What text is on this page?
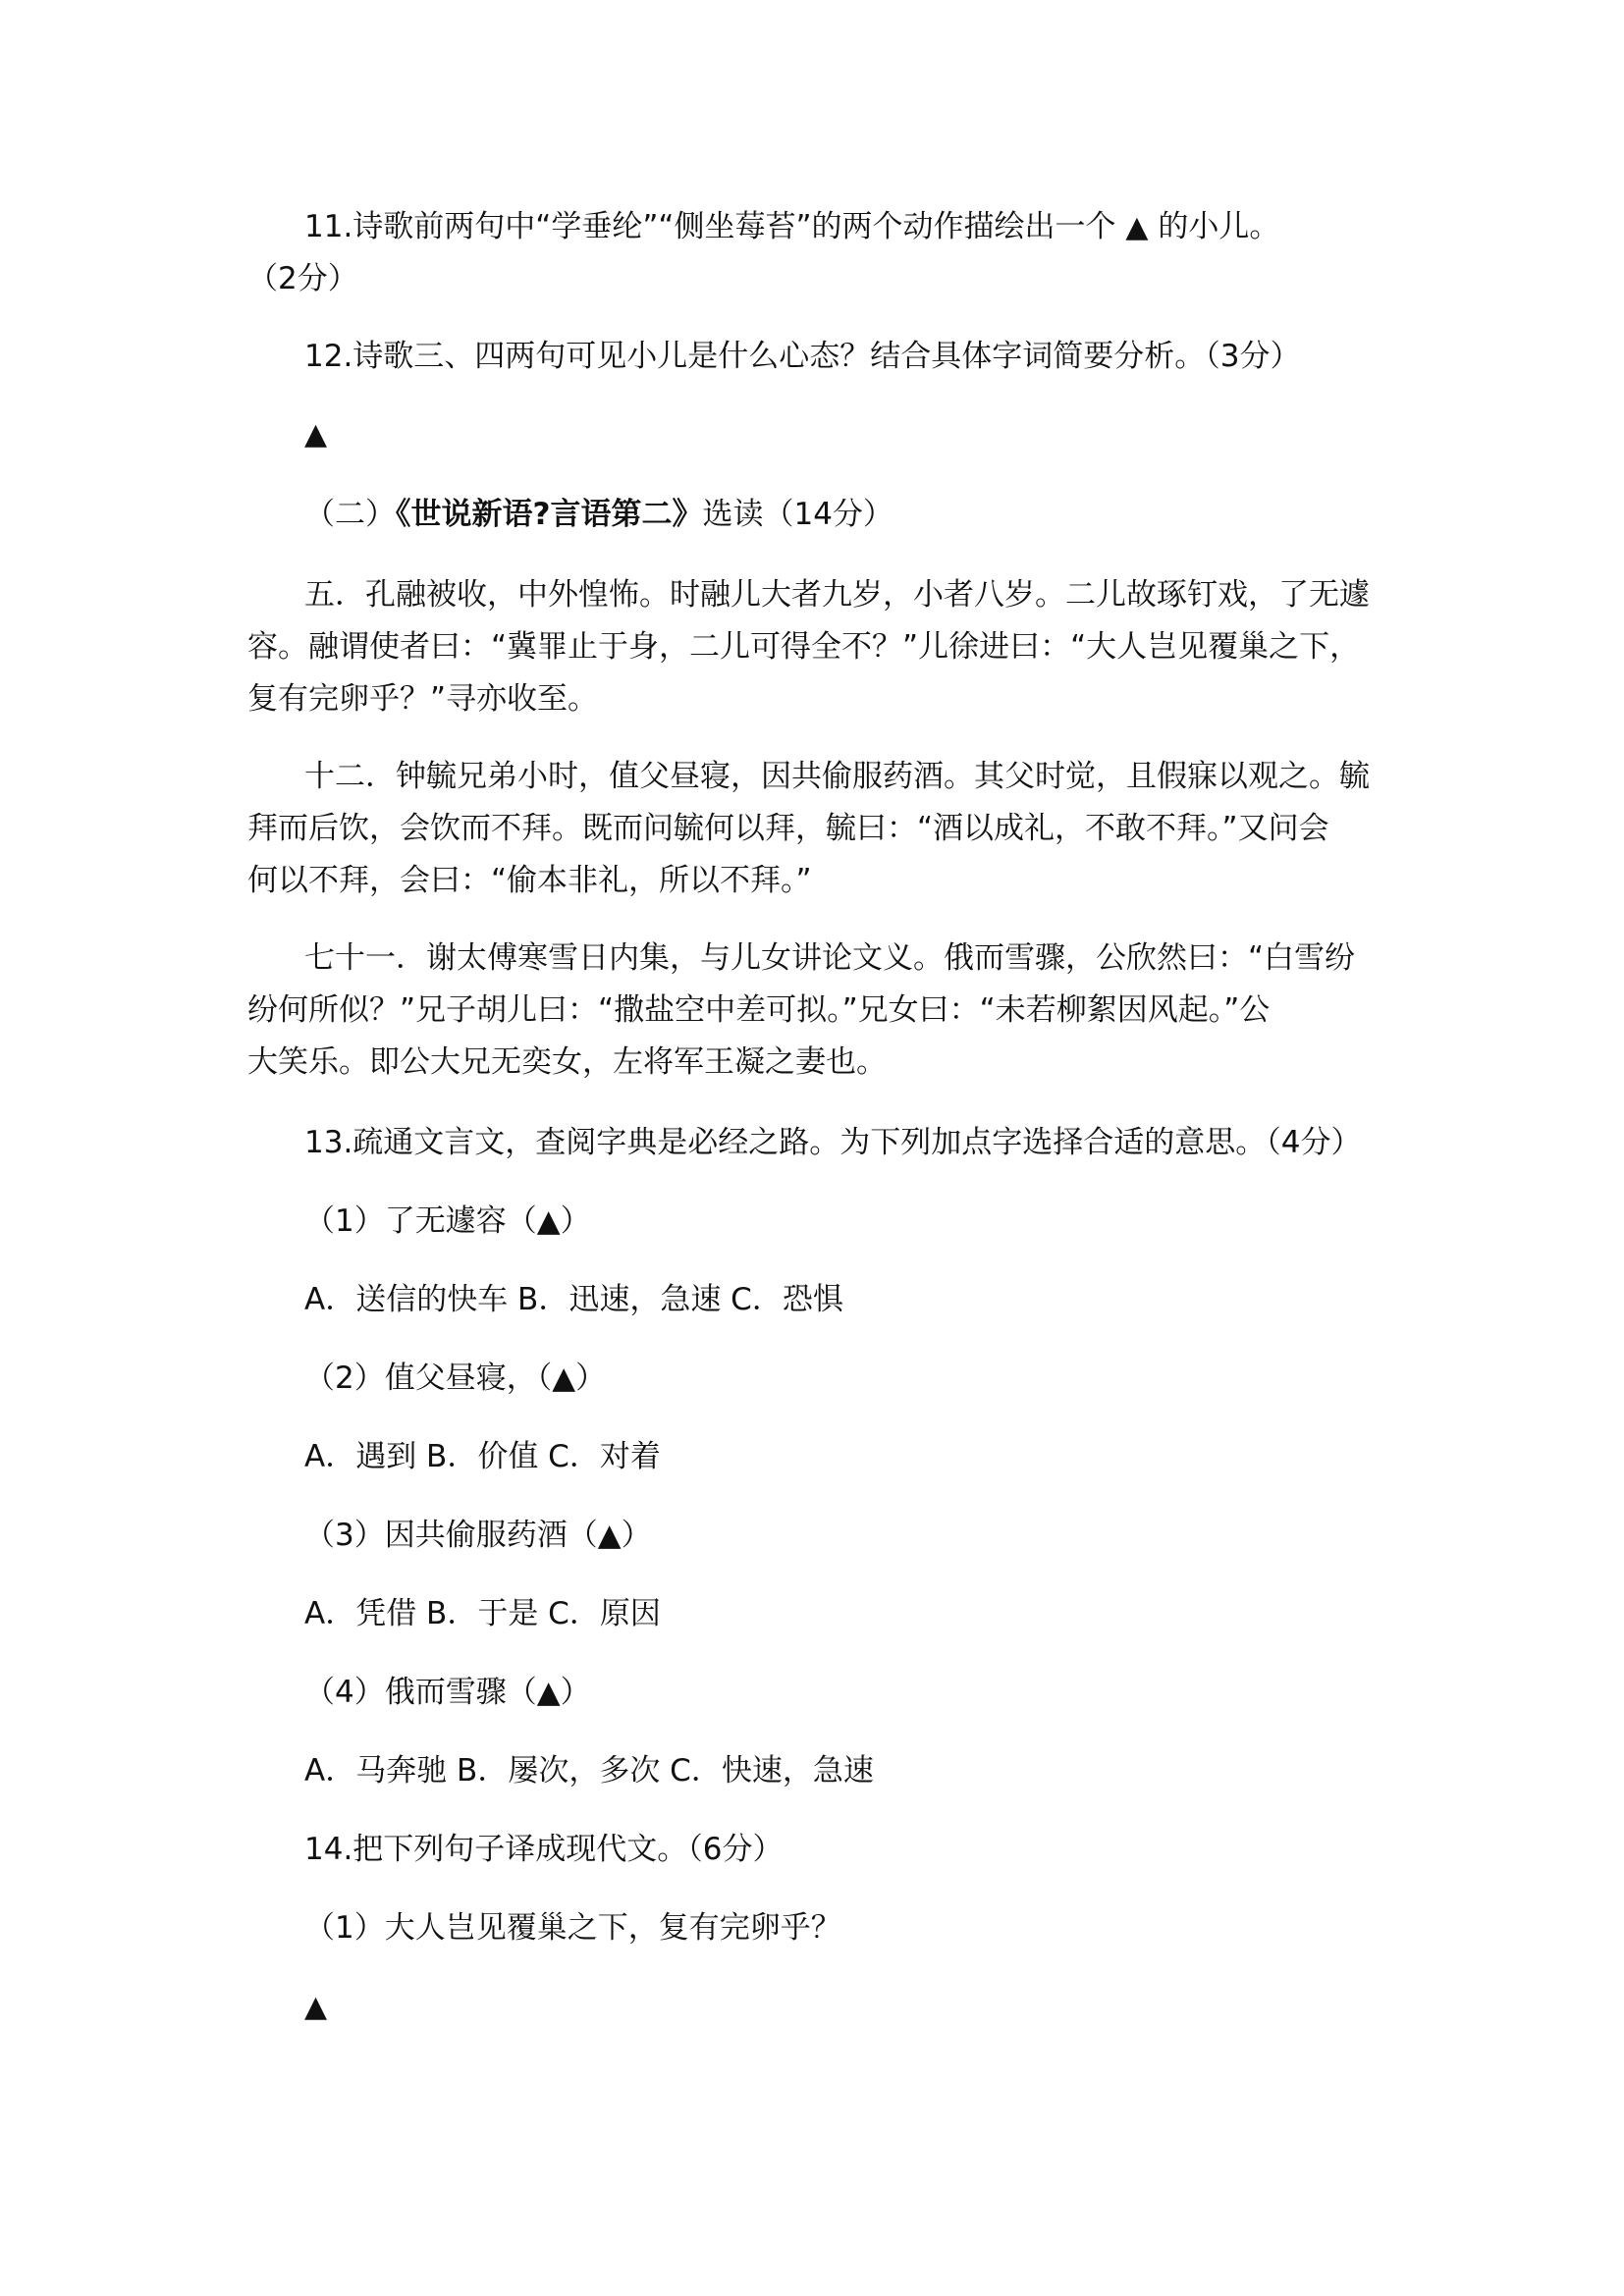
11.诗歌前两句中“学垂纶”“侧坐莓苔”的两个动作描绘出一个 ▲ 的小儿。
（2分）
12.诗歌三、四两句可见小儿是什么心态？结合具体字词简要分析。（3分）
▲
（二）《世说新语?言语第二》选读（14分）
五．孔融被收，中外惶怖。时融儿大者九岁，小者八岁。二儿故琢钉戏，了无遽
容。融谓使者曰：“冀罪止于身，二儿可得全不？”儿徐进曰：“大人岂见覆巢之下，
复有完卵乎？”寻亦收至。
十二．钟毓兄弟小时，值父昼寝，因共偷服药酒。其父时觉，且假寐以观之。毓
拜而后饮，会饮而不拜。既而问毓何以拜，毓曰：“酒以成礼，不敢不拜。”又问会
何以不拜，会曰：“偷本非礼，所以不拜。”
七十一．谢太傅寒雪日内集，与儿女讲论文义。俄而雪骤，公欣然曰：“白雪纷
纷何所似？”兄子胡儿曰：“撒盐空中差可拟。”兄女曰：“未若柳絮因风起。”公
大笑乐。即公大兄无奕女，左将军王凝之妻也。
13.疏通文言文，查阅字典是必经之路。为下列加点字选择合适的意思。（4分）
（1）了无遽容（▲）
A．送信的快车 B．迅速，急速 C．恐惧
（2）值父昼寝，（▲）
A．遇到 B．价值 C．对着
（3）因共偷服药酒（▲）
A．凭借 B．于是 C．原因
（4）俄而雪骤（▲）
A．马奔驰 B．屡次，多次 C．快速，急速
14.把下列句子译成现代文。（6分）
（1）大人岂见覆巢之下，复有完卵乎？
▲
